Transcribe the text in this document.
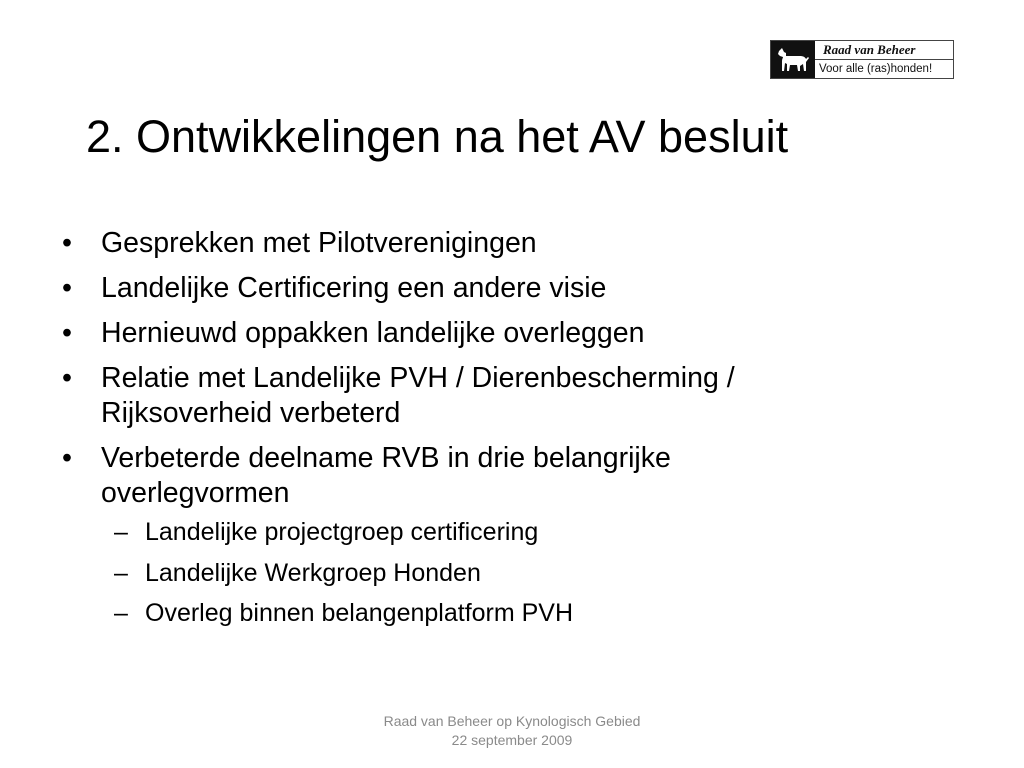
Raad van Beheer
Voor alle (ras)honden!
2. Ontwikkelingen na het AV besluit
• Gesprekken met Pilotverenigingen
• Landelijke Certificering een andere visie
• Hernieuwd oppakken landelijke overleggen
• Relatie met Landelijke PVH / Dierenbescherming / Rijksoverheid verbeterd
• Verbeterde deelname RVB in drie belangrijke overlegvormen
– Landelijke projectgroep certificering
– Landelijke Werkgroep Honden
– Overleg binnen belangenplatform PVH
Raad van Beheer op Kynologisch Gebied
22 september 2009
